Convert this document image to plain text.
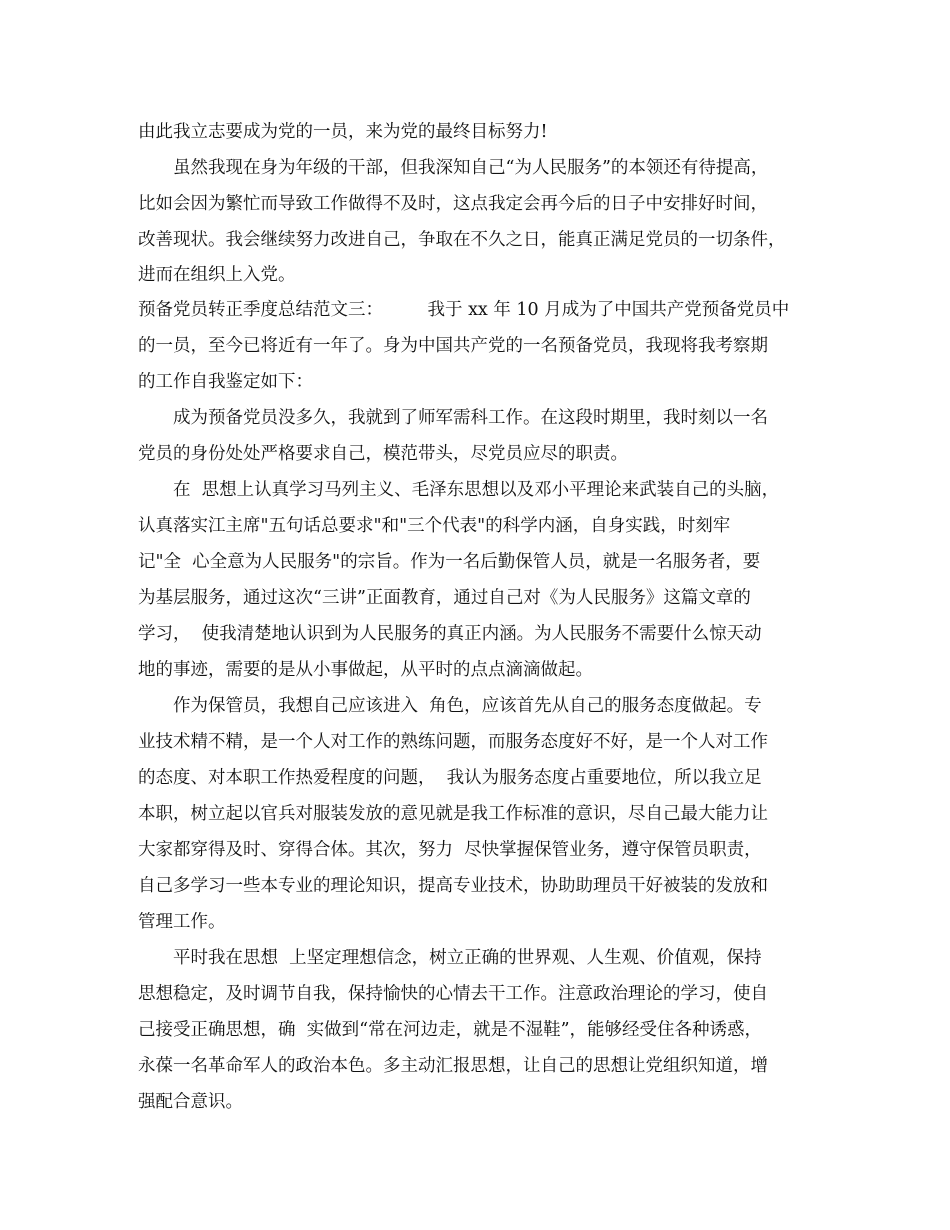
由此我立志要成为党的一员，来为党的最终目标努力!
虽然我现在身为年级的干部，但我深知自己“为人民服务”的本领还有待提高，
比如会因为繁忙而导致工作做得不及时，这点我定会再今后的日子中安排好时间，
改善现状。我会继续努力改进自己，争取在不久之日，能真正满足党员的一切条件，
进而在组织上入党。
预备党员转正季度总结范文三：        我于 xx 年 10 月成为了中国共产党预备党员中
的一员，至今已将近有一年了。身为中国共产党的一名预备党员，我现将我考察期
的工作自我鉴定如下：
成为预备党员没多久，我就到了师军需科工作。在这段时期里，我时刻以一名
党员的身份处处严格要求自己，模范带头，尽党员应尽的职责。
在  思想上认真学习马列主义、毛泽东思想以及邓小平理论来武装自己的头脑，
认真落实江主席"五句话总要求"和"三个代表"的科学内涵，自身实践，时刻牢
记"全  心全意为人民服务"的宗旨。作为一名后勤保管人员，就是一名服务者，要
为基层服务，通过这次“三讲”正面教育，通过自己对《为人民服务》这篇文章的
学习，  使我清楚地认识到为人民服务的真正内涵。为人民服务不需要什么惊天动
地的事迹，需要的是从小事做起，从平时的点点滴滴做起。
作为保管员，我想自己应该进入  角色，应该首先从自己的服务态度做起。专
业技术精不精，是一个人对工作的熟练问题，而服务态度好不好，是一个人对工作
的态度、对本职工作热爱程度的问题，  我认为服务态度占重要地位，所以我立足
本职，树立起以官兵对服装发放的意见就是我工作标准的意识，尽自己最大能力让
大家都穿得及时、穿得合体。其次，努力  尽快掌握保管业务，遵守保管员职责，
自己多学习一些本专业的理论知识，提高专业技术，协助助理员干好被装的发放和
管理工作。
平时我在思想  上坚定理想信念，树立正确的世界观、人生观、价值观，保持
思想稳定，及时调节自我，保持愉快的心情去干工作。注意政治理论的学习，使自
己接受正确思想，确  实做到“常在河边走，就是不湿鞋”，能够经受住各种诱惑，
永葆一名革命军人的政治本色。多主动汇报思想，让自己的思想让党组织知道，增
强配合意识。
